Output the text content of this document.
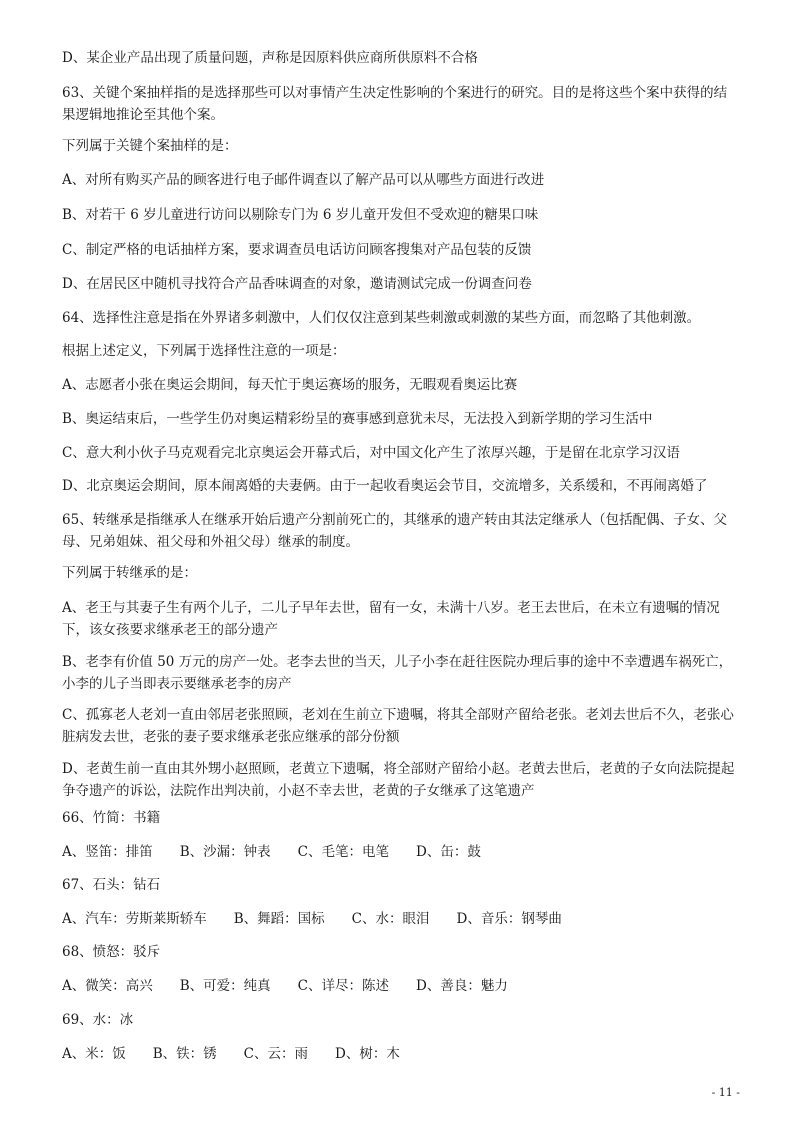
D、某企业产品出现了质量问题，声称是因原料供应商所供原料不合格
63、关键个案抽样指的是选择那些可以对事情产生决定性影响的个案进行的研究。目的是将这些个案中获得的结果逻辑地推论至其他个案。
下列属于关键个案抽样的是：
A、对所有购买产品的顾客进行电子邮件调查以了解产品可以从哪些方面进行改进
B、对若干 6 岁儿童进行访问以剔除专门为 6 岁儿童开发但不受欢迎的糖果口味
C、制定严格的电话抽样方案，要求调查员电话访问顾客搜集对产品包装的反馈
D、在居民区中随机寻找符合产品香味调查的对象，邀请测试完成一份调查问卷
64、选择性注意是指在外界诸多刺激中，人们仅仅注意到某些刺激或刺激的某些方面，而忽略了其他刺激。
根据上述定义，下列属于选择性注意的一项是：
A、志愿者小张在奥运会期间，每天忙于奥运赛场的服务，无暇观看奥运比赛
B、奥运结束后，一些学生仍对奥运精彩纷呈的赛事感到意犹未尽，无法投入到新学期的学习生活中
C、意大利小伙子马克观看完北京奥运会开幕式后，对中国文化产生了浓厚兴趣，于是留在北京学习汉语
D、北京奥运会期间，原本闹离婚的夫妻俩。由于一起收看奥运会节目，交流增多，关系缓和，不再闹离婚了
65、转继承是指继承人在继承开始后遗产分割前死亡的，其继承的遗产转由其法定继承人（包括配偶、子女、父母、兄弟姐妹、祖父母和外祖父母）继承的制度。
下列属于转继承的是：
A、老王与其妻子生有两个儿子，二儿子早年去世，留有一女，未满十八岁。老王去世后，在未立有遗嘱的情况下，该女孩要求继承老王的部分遗产
B、老李有价值 50 万元的房产一处。老李去世的当天，儿子小李在赶往医院办理后事的途中不幸遭遇车祸死亡，小李的儿子当即表示要继承老李的房产
C、孤寡老人老刘一直由邻居老张照顾，老刘在生前立下遗嘱，将其全部财产留给老张。老刘去世后不久，老张心脏病发去世，老张的妻子要求继承老张应继承的部分份额
D、老黄生前一直由其外甥小赵照顾，老黄立下遗嘱，将全部财产留给小赵。老黄去世后，老黄的子女向法院提起争夺遗产的诉讼，法院作出判决前，小赵不幸去世，老黄的子女继承了这笔遗产
66、竹简：书籍
A、竖笛：排笛　　B、沙漏：钟表　　C、毛笔：电笔　　D、缶：鼓
67、石头：钻石
A、汽车：劳斯莱斯轿车　　B、舞蹈：国标　　C、水：眼泪　　D、音乐：钢琴曲
68、愤怒：驳斥
A、微笑：高兴　　B、可爱：纯真　　C、详尽：陈述　　D、善良：魅力
69、水：冰
A、米：饭　　B、铁：锈　　C、云：雨　　D、树：木
- 11 -
